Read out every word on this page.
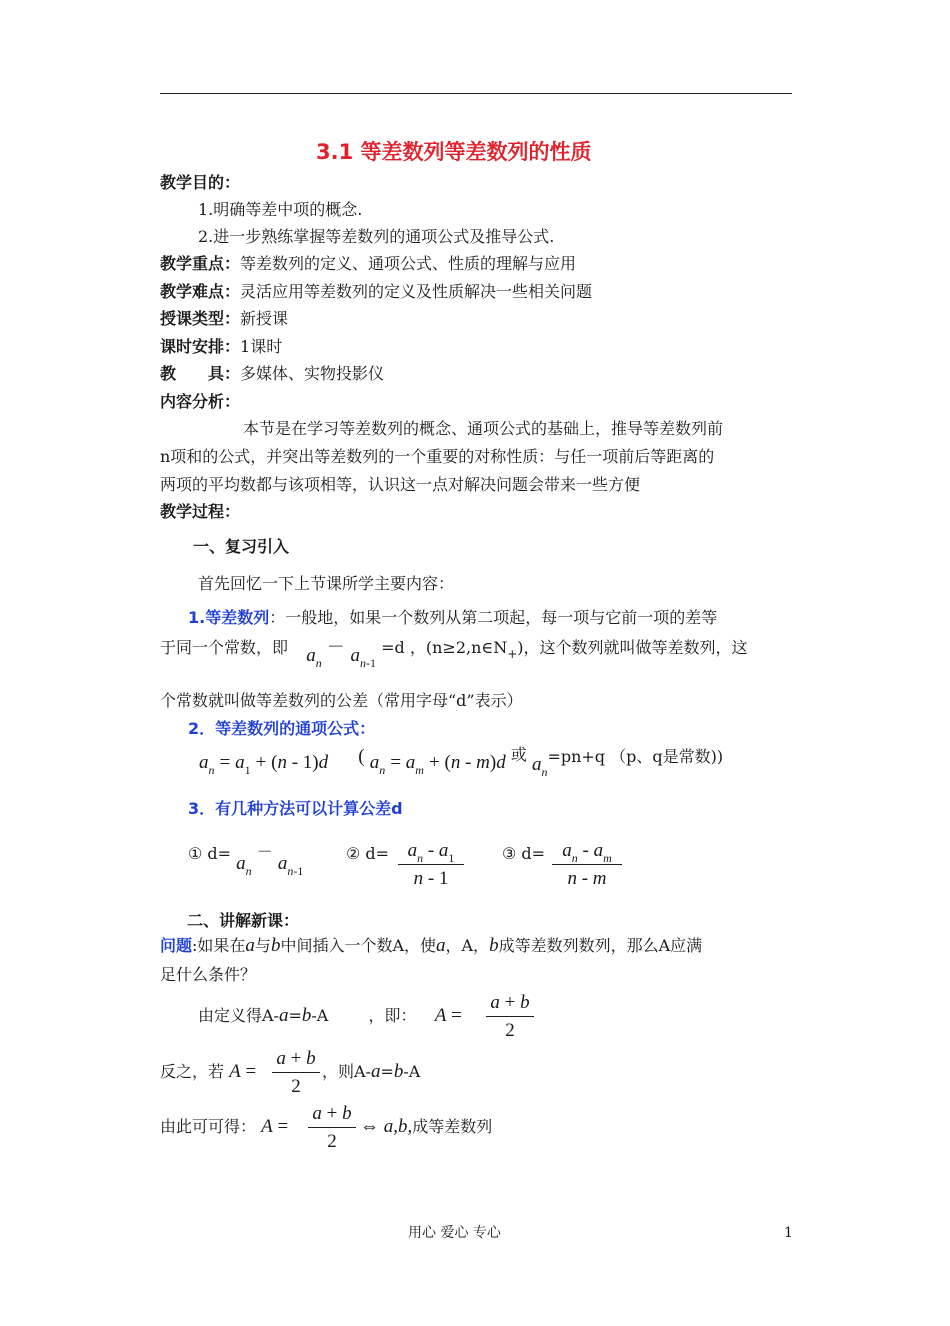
3.1 等差数列等差数列的性质
教学目的：
1.明确等差中项的概念.
2.进一步熟练掌握等差数列的通项公式及推导公式.
教学重点：等差数列的定义、通项公式、性质的理解与应用
教学难点：灵活应用等差数列的定义及性质解决一些相关问题
授课类型：新授课
课时安排：1课时
教　　具：多媒体、实物投影仪
内容分析：
本节是在学习等差数列的概念、通项公式的基础上，推导等差数列前
n项和的公式，并突出等差数列的一个重要的对称性质：与任一项前后等距离的
两项的平均数都与该项相等，认识这一点对解决问题会带来一些方便
教学过程：
一、复习引入
首先回忆一下上节课所学主要内容：
1.等差数列：一般地，如果一个数列从第二项起，每一项与它前一项的差等
于同一个常数，即 $a_n - a_{n-1} =d$ ，$(n\ge 2,n\in N_+)$，这个数列就叫做等差数列，这
个常数就叫做等差数列的公差（常用字母“d”表示）
2．等差数列的通项公式：
$a_n = a_1 + (n - 1)d$ ( $a_n = a_m + (n - m)d$ 或 $a_n=pn+q$ （p、q是常数))
3．有几种方法可以计算公差d
① $d= a_n - a_{n-1}$
② $d= \frac{a_n - a_1}{n - 1}$ ③ $d= \frac{a_n - a_m}{n - m}$
二、讲解新课：
问题:如果在a与b中间插入一个数A，使a，A，b成等差数列数列，那么A应满
足什么条件？
由定义得A-a=b-A	，即： $A = \frac{a + b}{2}$
反之，若 $A = \frac{a + b}{2}$ ，则A-a=b-A
由此可可得： $A = \frac{a + b}{2}$ ⇔ a,b,成等差数列
用心 爱心 专心	1
